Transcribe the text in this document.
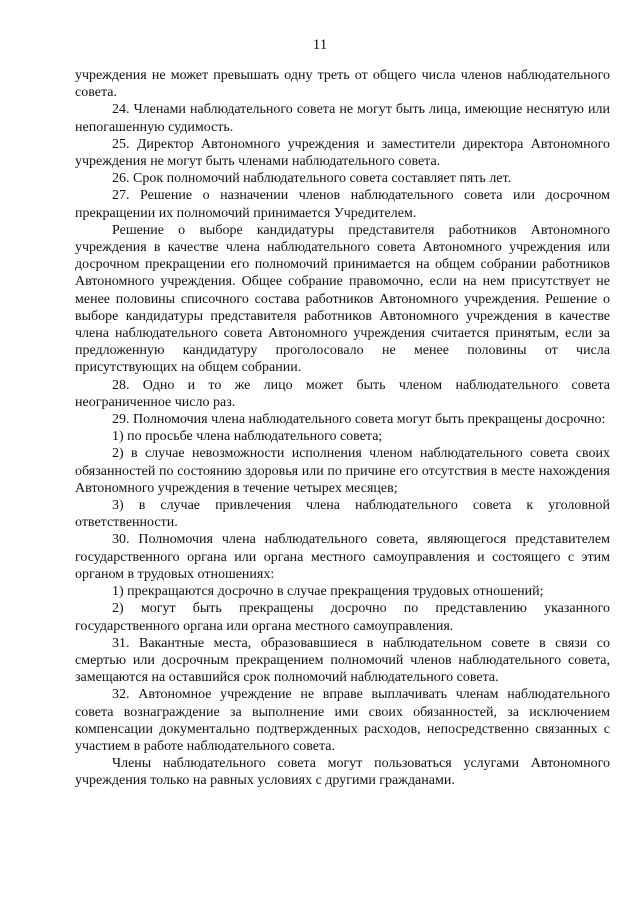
11

учреждения не может превышать одну треть от общего числа членов наблюдательного совета.

24. Членами наблюдательного совета не могут быть лица, имеющие неснятую или непогашенную судимость.

25. Директор Автономного учреждения и заместители директора Автономного учреждения не могут быть членами наблюдательного совета.

26. Срок полномочий наблюдательного совета составляет пять лет.

27. Решение о назначении членов наблюдательного совета или досрочном прекращении их полномочий принимается Учредителем.

Решение о выборе кандидатуры представителя работников Автономного учреждения в качестве члена наблюдательного совета Автономного учреждения или досрочном прекращении его полномочий принимается на общем собрании работников Автономного учреждения. Общее собрание правомочно, если на нем присутствует не менее половины списочного состава работников Автономного учреждения. Решение о выборе кандидатуры представителя работников Автономного учреждения в качестве члена наблюдательного совета Автономного учреждения считается принятым, если за предложенную кандидатуру проголосовало не менее половины от числа присутствующих на общем собрании.

28. Одно и то же лицо может быть членом наблюдательного совета неограниченное число раз.

29. Полномочия члена наблюдательного совета могут быть прекращены досрочно:

1) по просьбе члена наблюдательного совета;

2) в случае невозможности исполнения членом наблюдательного совета своих обязанностей по состоянию здоровья или по причине его отсутствия в месте нахождения Автономного учреждения в течение четырех месяцев;

3) в случае привлечения члена наблюдательного совета к уголовной ответственности.

30. Полномочия члена наблюдательного совета, являющегося представителем государственного органа или органа местного самоуправления и состоящего с этим органом в трудовых отношениях:

1) прекращаются досрочно в случае прекращения трудовых отношений;

2) могут быть прекращены досрочно по представлению указанного государственного органа или органа местного самоуправления.

31. Вакантные места, образовавшиеся в наблюдательном совете в связи со смертью или досрочным прекращением полномочий членов наблюдательного совета, замещаются на оставшийся срок полномочий наблюдательного совета.

32. Автономное учреждение не вправе выплачивать членам наблюдательного совета вознаграждение за выполнение ими своих обязанностей, за исключением компенсации документально подтвержденных расходов, непосредственно связанных с участием в работе наблюдательного совета.

Члены наблюдательного совета могут пользоваться услугами Автономного учреждения только на равных условиях с другими гражданами.
